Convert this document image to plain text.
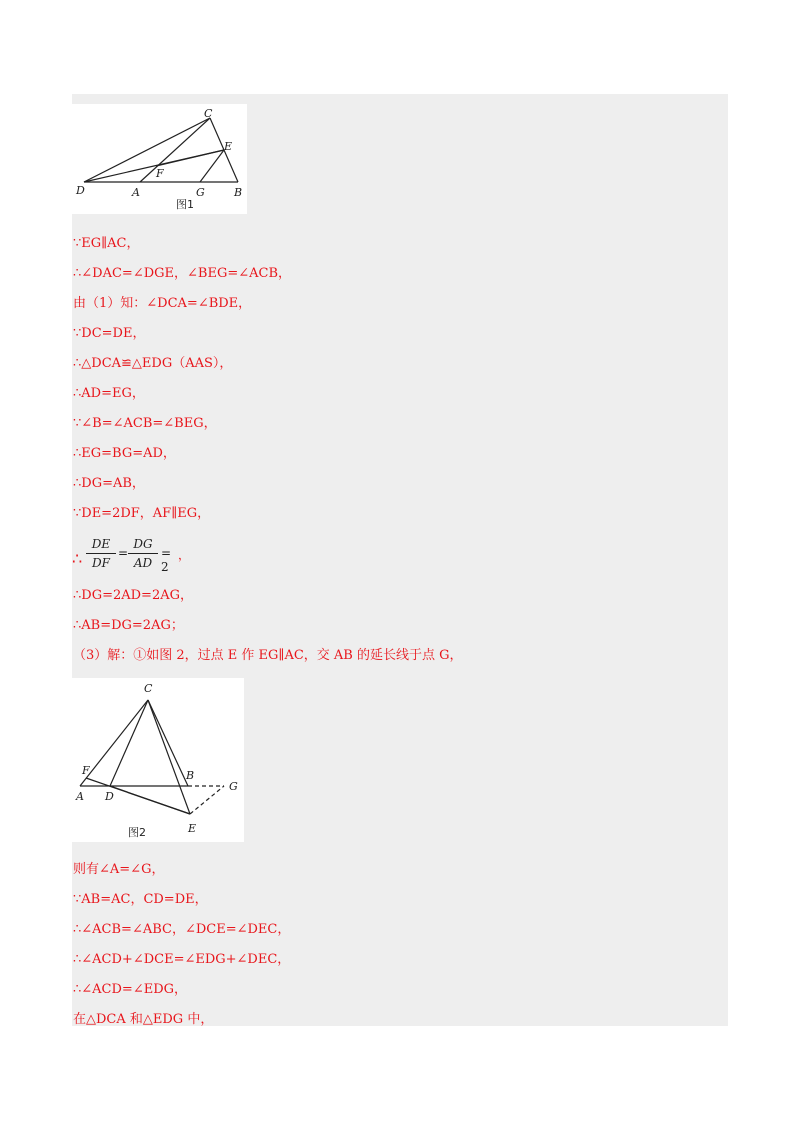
C
E
F
D	A	G	B
图1
∵EG∥AC，
∴∠DAC=∠DGE，∠BEG=∠ACB，
由（1）知：∠DCA=∠BDE，
∵DC=DE，
∴△DCA≌△EDG（AAS），
∴AD=EG，
∵∠B=∠ACB=∠BEG，
∴EG=BG=AD，
∴DG=AB，
∵DE=2DF，AF∥EG，
∴
DE
DF
=
DG
AD
= 2
，
∴DG=2AD=2AG，
∴AB=DG=2AG；
（3）解：①如图 2，过点 E 作 EG∥AC，交 AB 的延长线于点 G，
C
F
A D
B
G
E
图2
则有∠A=∠G，
∵AB=AC，CD=DE，
∴∠ACB=∠ABC，∠DCE=∠DEC，
∴∠ACD+∠DCE=∠EDG+∠DEC，
∴∠ACD=∠EDG，
在△DCA 和△EDG 中，
